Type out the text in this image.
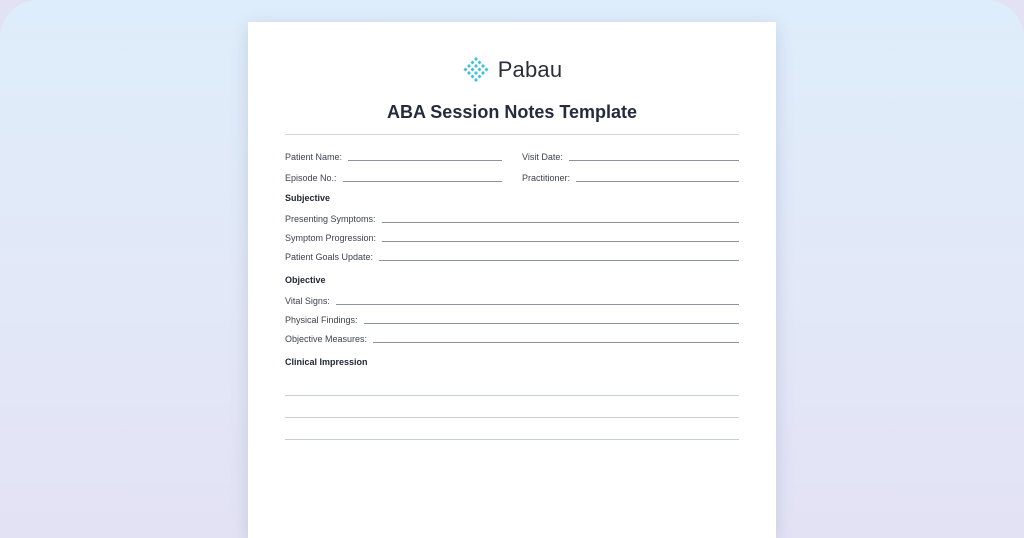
Pabau
ABA Session Notes Template
Patient Name:	Visit Date:
Episode No.:	Practitioner:
Subjective
Presenting Symptoms:
Symptom Progression:
Patient Goals Update:
Objective
Vital Signs:
Physical Findings:
Objective Measures:
Clinical Impression
